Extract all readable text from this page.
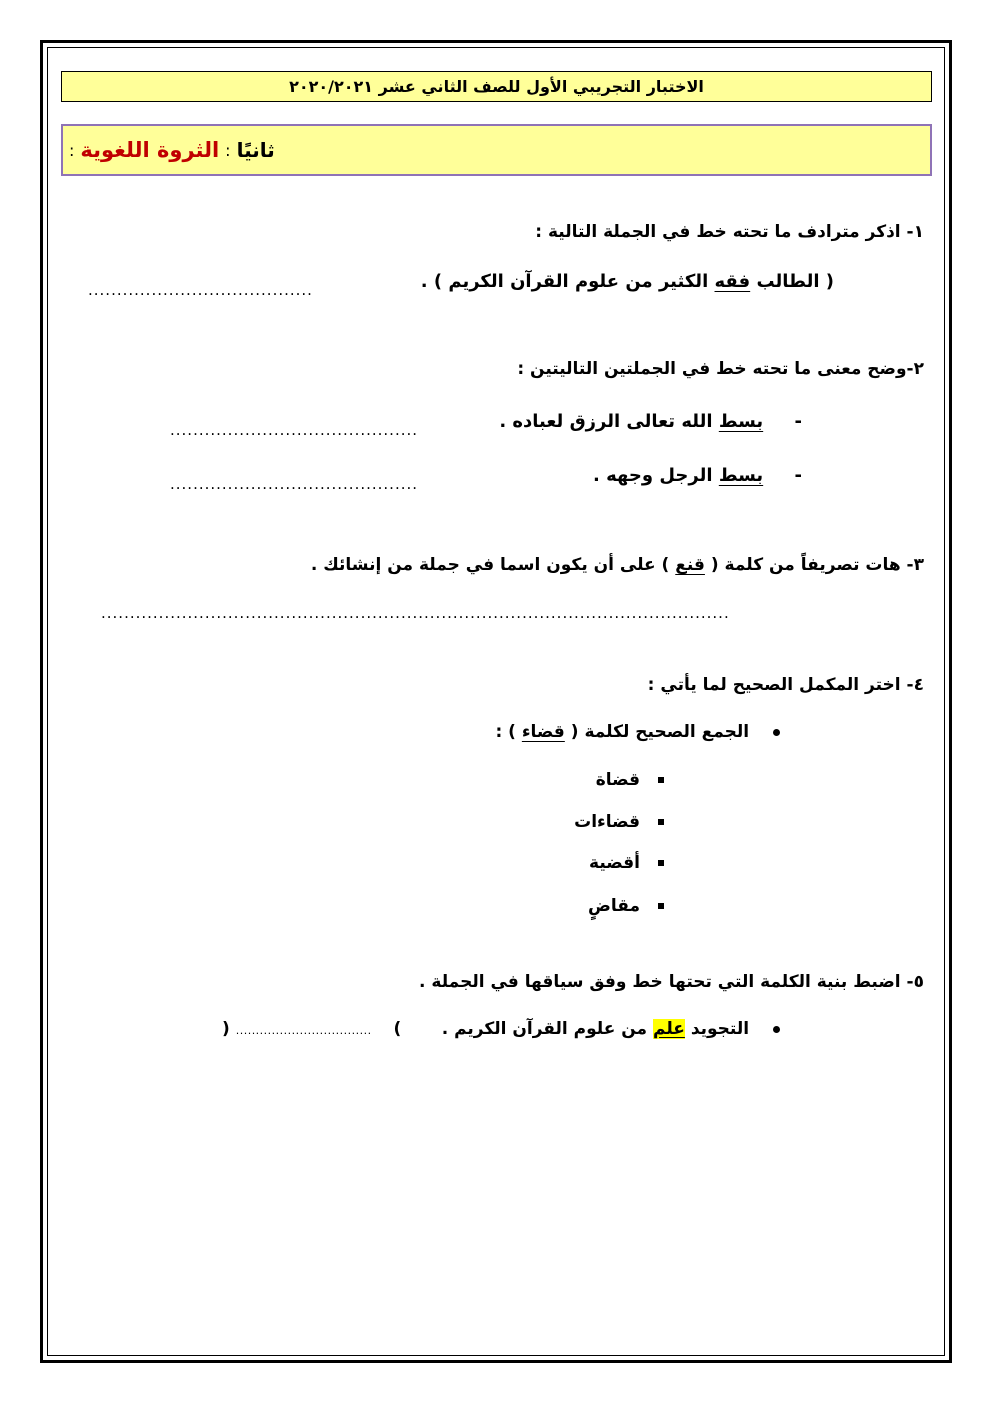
الاختبار التجريبي الأول للصف الثاني عشر ٢٠٢٠/٢٠٢١
ثانيًا
:
الثروة اللغوية
:
١- اذكر مترادف ما تحته خط في الجملة التالية :
( الطالب فقه الكثير من علوم القرآن الكريم ) .
.......................................
٢-وضح معنى ما تحته خط في الجملتين التاليتين :
-     بسط الله تعالى الرزق لعباده .
...........................................
-     بسط الرجل وجهه .
...........................................
٣- هات تصريفاً من كلمة ( قنع ) على أن يكون اسما في جملة من إنشائك .
.............................................................................................................
٤- اختر المكمل الصحيح لما يأتي :
الجمع الصحيح لكلمة ( قضاء ) :
قضاة
قضاءات
أقضية
مقاضٍ
٥- اضبط بنية الكلمة التي تحتها خط وفق سياقها في الجملة .
التجويد علم من علوم القرآن الكريم .
) .................................. (
